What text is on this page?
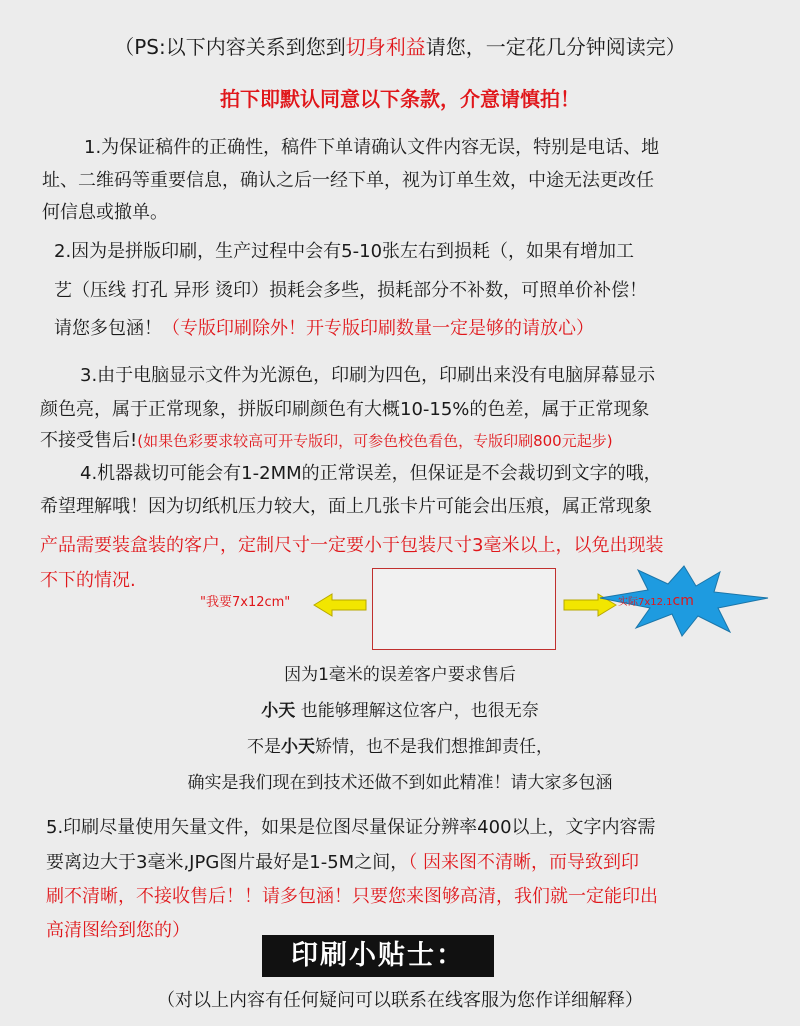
（PS:以下内容关系到您到切身利益请您，一定花几分钟阅读完）
拍下即默认同意以下条款，介意请慎拍！
1.为保证稿件的正确性，稿件下单请确认文件内容无误，特别是电话、地
址、二维码等重要信息，确认之后一经下单，视为订单生效，中途无法更改任
何信息或撤单。
2.因为是拼版印刷，生产过程中会有5-10张左右到损耗（，如果有增加工
艺（压线 打孔 异形 烫印）损耗会多些，损耗部分不补数，可照单价补偿！
请您多包涵！（专版印刷除外！开专版印刷数量一定是够的请放心）
3.由于电脑显示文件为光源色，印刷为四色，印刷出来没有电脑屏幕显示
颜色亮，属于正常现象，拼版印刷颜色有大概10-15%的色差，属于正常现象
不接受售后!(如果色彩要求较高可开专版印，可参色校色看色，专版印刷800元起步)
4.机器裁切可能会有1-2MM的正常误差，但保证是不会裁切到文字的哦，
希望理解哦！因为切纸机压力较大，面上几张卡片可能会出压痕，属正常现象
产品需要装盒装的客户，定制尺寸一定要小于包装尺寸3毫米以上，以免出现装
不下的情况.
"我要7x12cm"	实际7x12.1cm
因为1毫米的误差客户要求售后
小天 也能够理解这位客户，也很无奈
不是小天矫情，也不是我们想推卸责任，
确实是我们现在到技术还做不到如此精准！请大家多包涵
5.印刷尽量使用矢量文件，如果是位图尽量保证分辨率400以上，文字内容需
要离边大于3毫米,JPG图片最好是1-5M之间，（ 因来图不清晰，而导致到印
刷不清晰，不接收售后！！请多包涵！只要您来图够高清，我们就一定能印出
高清图给到您的）
印刷小贴士：
（对以上内容有任何疑问可以联系在线客服为您作详细解释）
